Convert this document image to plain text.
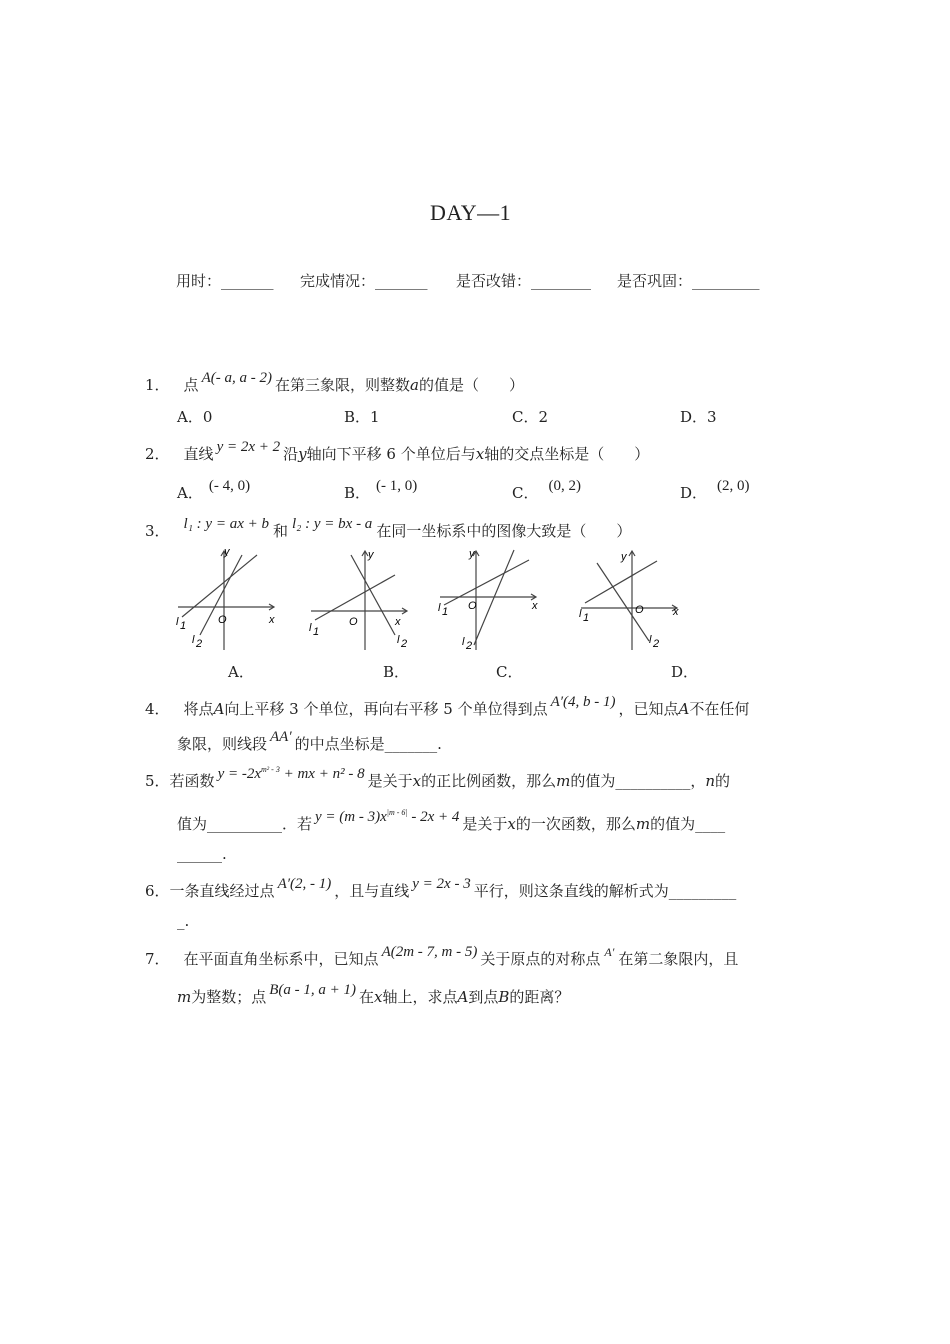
DAY—1
用时：_______ 完成情况：_______ 是否改错：________ 是否巩固：_________
1． 点 A(- a, a - 2) 在第三象限，则整数a的值是（　　）
A．0	B．1	C．2	D．3
2． 直线 y = 2x + 2 沿y轴向下平移 6 个单位后与x轴的交点坐标是（　　）
A． (- 4, 0)	B． (- 1, 0)	C． (0, 2)	D． (2, 0)
3． l₁ : y = ax + b 和 l₂ : y = bx - a 在同一坐标系中的图像大致是（　　）
y
x
O
l 1
l 2
y
x
O
l 1
l 2
y
x
O
l 1
l 2
y
x
O
l 1
l 2
A．	B．	C．	D．
4． 将点A向上平移 3 个单位，再向右平移 5 个单位得到点 A′(4, b - 1) ，已知点A不在任何
象限，则线段 AA′ 的中点坐标是_______.
5．若函数 $y = -2x^{m^2 - 3}$ + mx + n² - 8 是关于x的正比例函数，那么m的值为__________，n的
值为__________．若 $y = (m - 3)x^{|m - 6|} - 2x + 4$ 是关于x的一次函数，那么m的值为____
______.
6．一条直线经过点 A′(2, - 1) ，且与直线 y = 2x - 3 平行，则这条直线的解析式为_________
_.
7． 在平面直角坐标系中，已知点 A(2m - 7, m - 5) 关于原点的对称点 $^{A'}$ 在第二象限内，且
m为整数；点 B(a - 1, a + 1) 在x轴上，求点A到点B的距离？
